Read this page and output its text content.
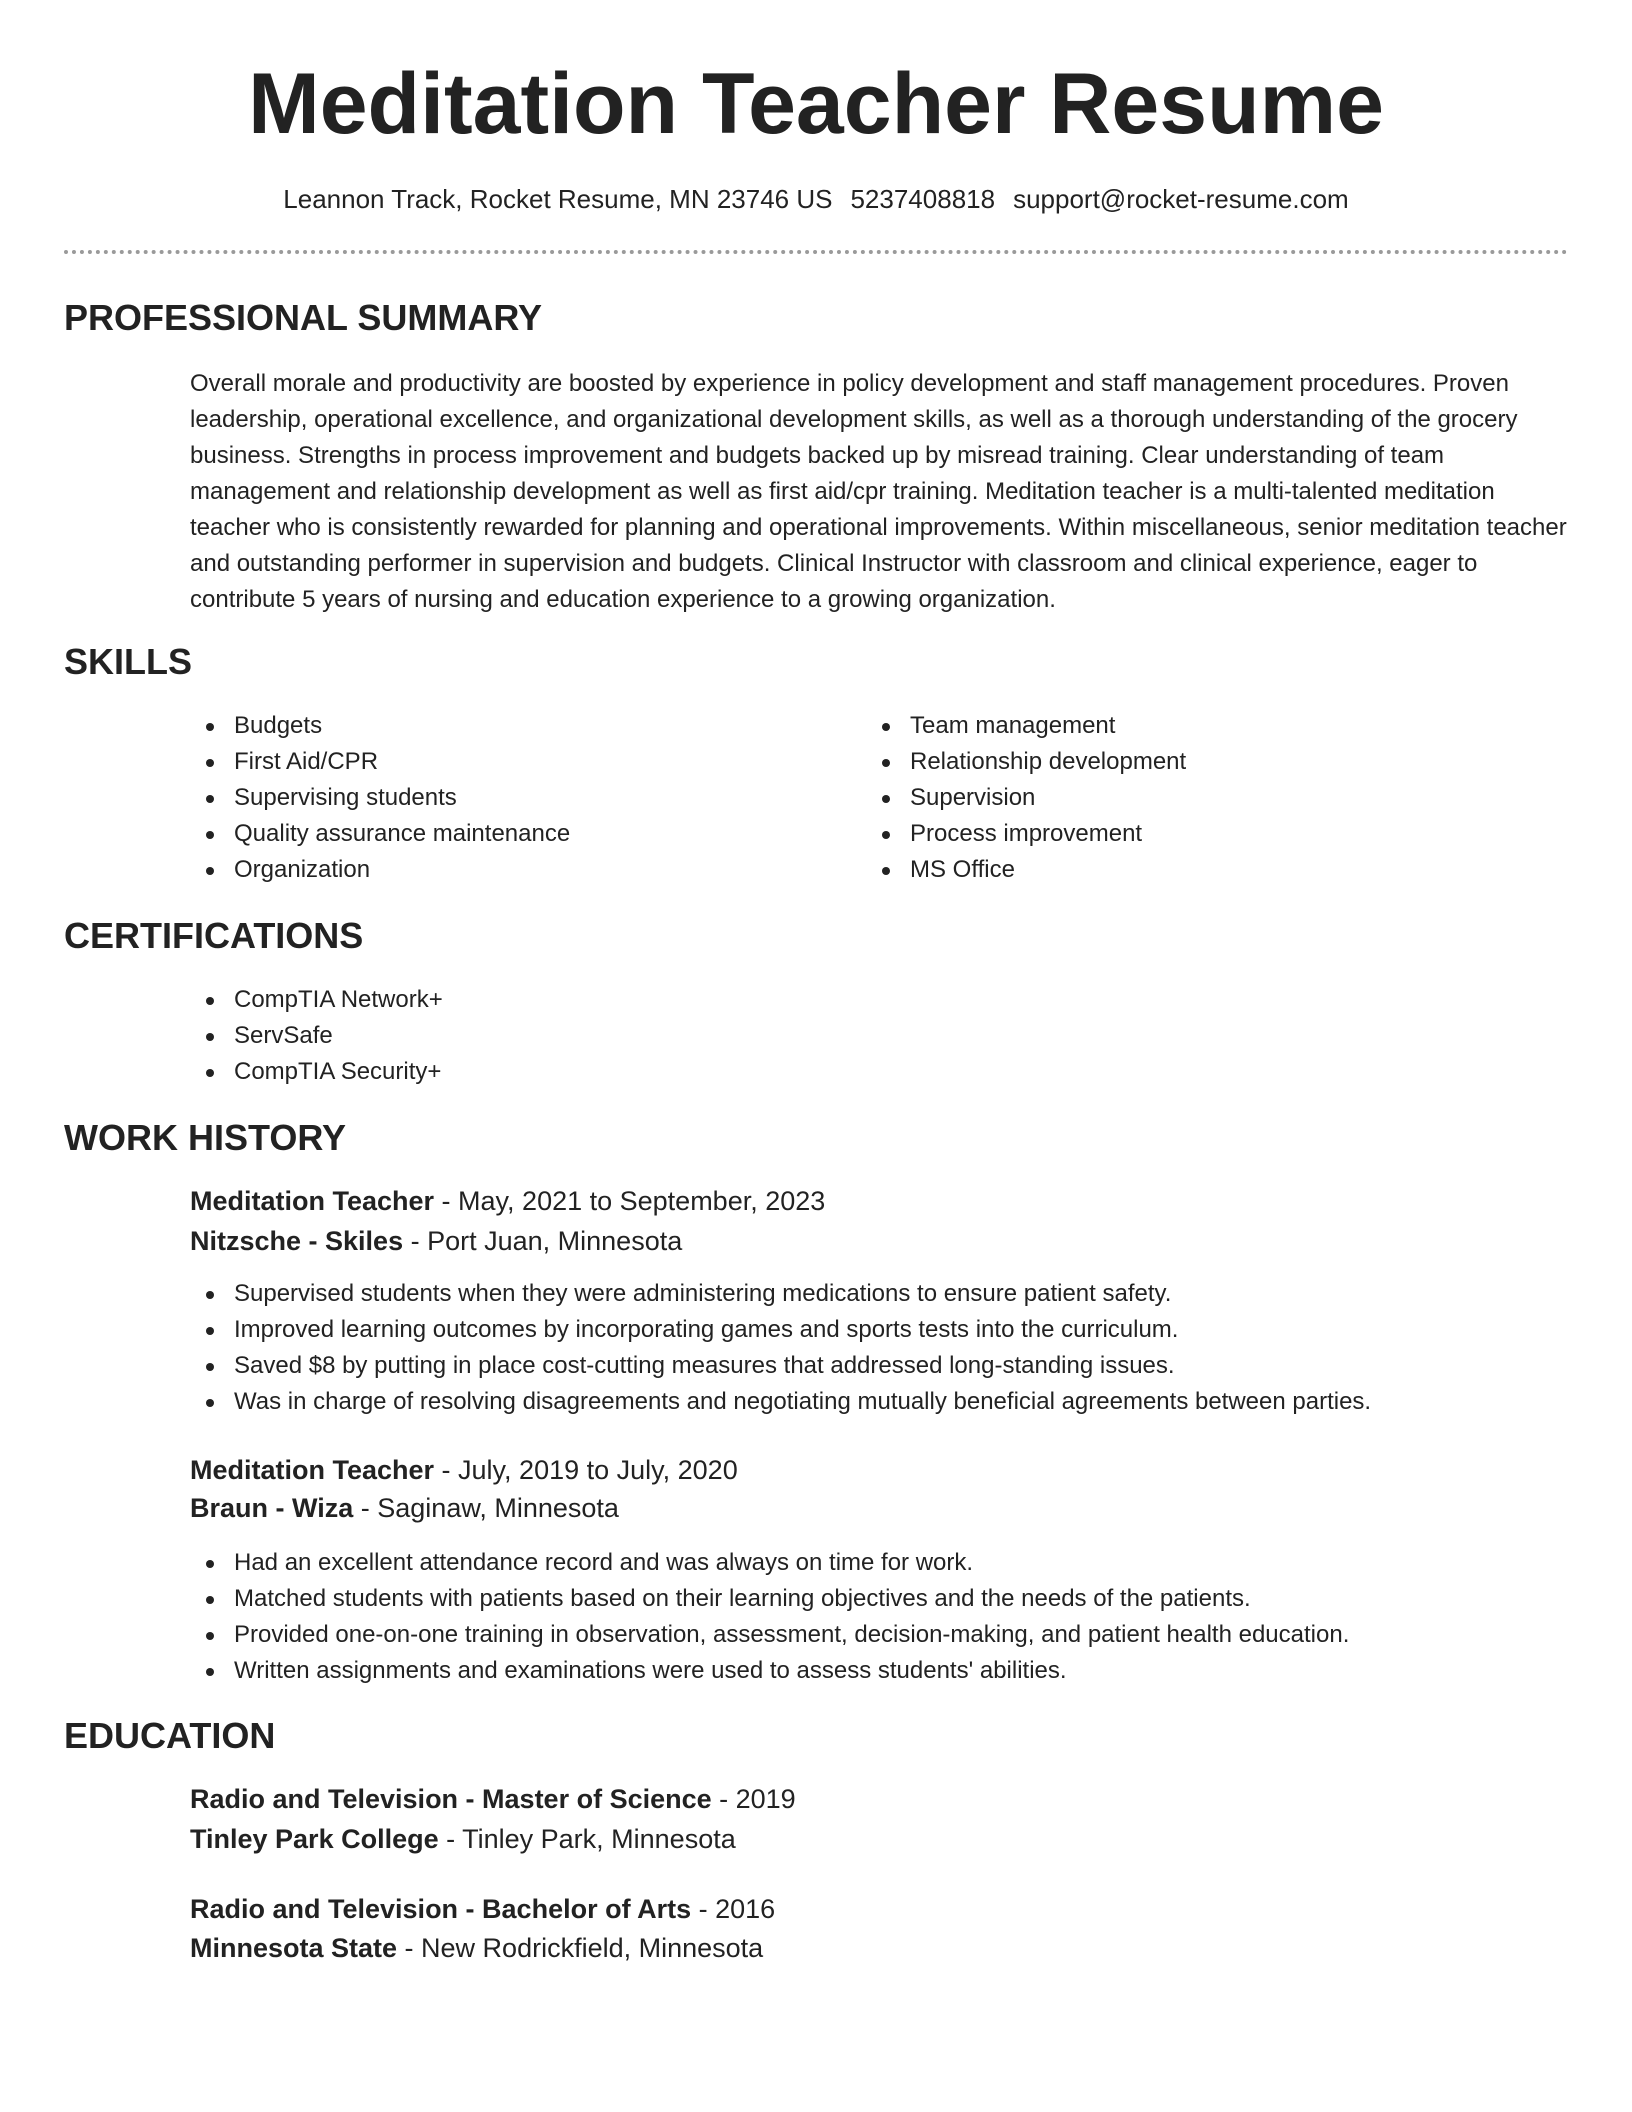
Meditation Teacher Resume
Leannon Track, Rocket Resume, MN 23746 US 5237408818 support@rocket-resume.com
PROFESSIONAL SUMMARY

Overall morale and productivity are boosted by experience in policy development and staff management procedures. Proven leadership, operational excellence, and organizational development skills, as well as a thorough understanding of the grocery business. Strengths in process improvement and budgets backed up by misread training. Clear understanding of team management and relationship development as well as first aid/cpr training. Meditation teacher is a multi-talented meditation teacher who is consistently rewarded for planning and operational improvements. Within miscellaneous, senior meditation teacher and outstanding performer in supervision and budgets. Clinical Instructor with classroom and clinical experience, eager to contribute 5 years of nursing and education experience to a growing organization.

SKILLS
Budgets
First Aid/CPR
Supervising students
Quality assurance maintenance
Organization
Team management
Relationship development
Supervision
Process improvement
MS Office
CERTIFICATIONS
CompTIA Network+
ServSafe
CompTIA Security+
WORK HISTORY
Meditation Teacher - May, 2021 to September, 2023
Nitzsche - Skiles - Port Juan, Minnesota
Supervised students when they were administering medications to ensure patient safety.
Improved learning outcomes by incorporating games and sports tests into the curriculum.
Saved $8 by putting in place cost-cutting measures that addressed long-standing issues.
Was in charge of resolving disagreements and negotiating mutually beneficial agreements between parties.
Meditation Teacher - July, 2019 to July, 2020
Braun - Wiza - Saginaw, Minnesota
Had an excellent attendance record and was always on time for work.
Matched students with patients based on their learning objectives and the needs of the patients.
Provided one-on-one training in observation, assessment, decision-making, and patient health education.
Written assignments and examinations were used to assess students' abilities.
EDUCATION
Radio and Television - Master of Science - 2019
Tinley Park College - Tinley Park, Minnesota
Radio and Television - Bachelor of Arts - 2016
Minnesota State - New Rodrickfield, Minnesota
